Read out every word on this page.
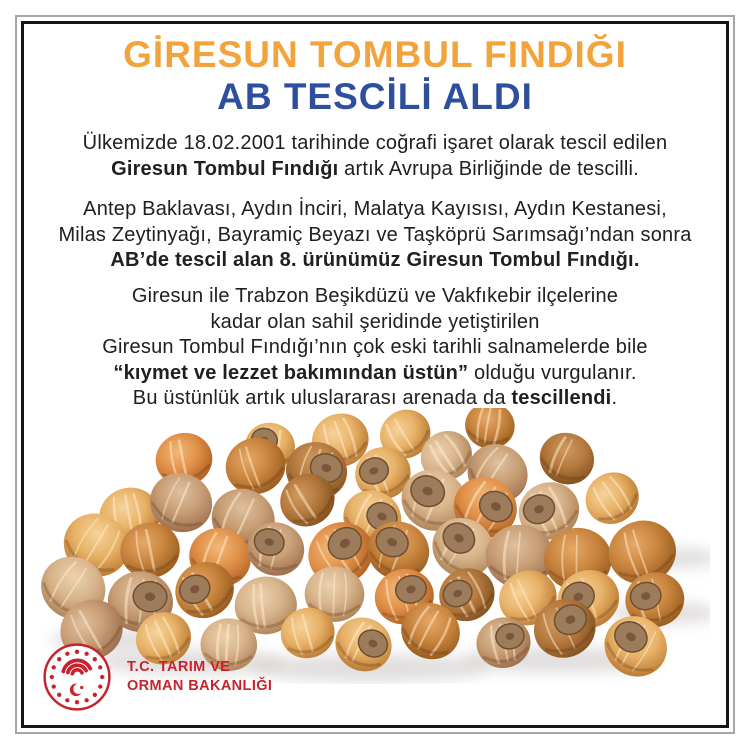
GİRESUN TOMBUL FINDIĞI
AB TESCİLİ ALDI
Ülkemizde 18.02.2001 tarihinde coğrafi işaret olarak tescil edilen
Giresun Tombul Fındığı artık Avrupa Birliğinde de tescilli.
Antep Baklavası, Aydın İnciri, Malatya Kayısısı, Aydın Kestanesi,
Milas Zeytinyağı, Bayramiç Beyazı ve Taşköprü Sarımsağı’ndan sonra
AB’de tescil alan 8. ürünümüz Giresun Tombul Fındığı.
Giresun ile Trabzon Beşikdüzü ve Vakfıkebir ilçelerine
kadar olan sahil şeridinde yetiştirilen
Giresun Tombul Fındığı’nın çok eski tarihli salnamelerde bile
“kıymet ve lezzet bakımından üstün” olduğu vurgulanır.
Bu üstünlük artık uluslararası arenada da tescillendi.
T.C. TARIM VE
ORMAN BAKANLIĞI
